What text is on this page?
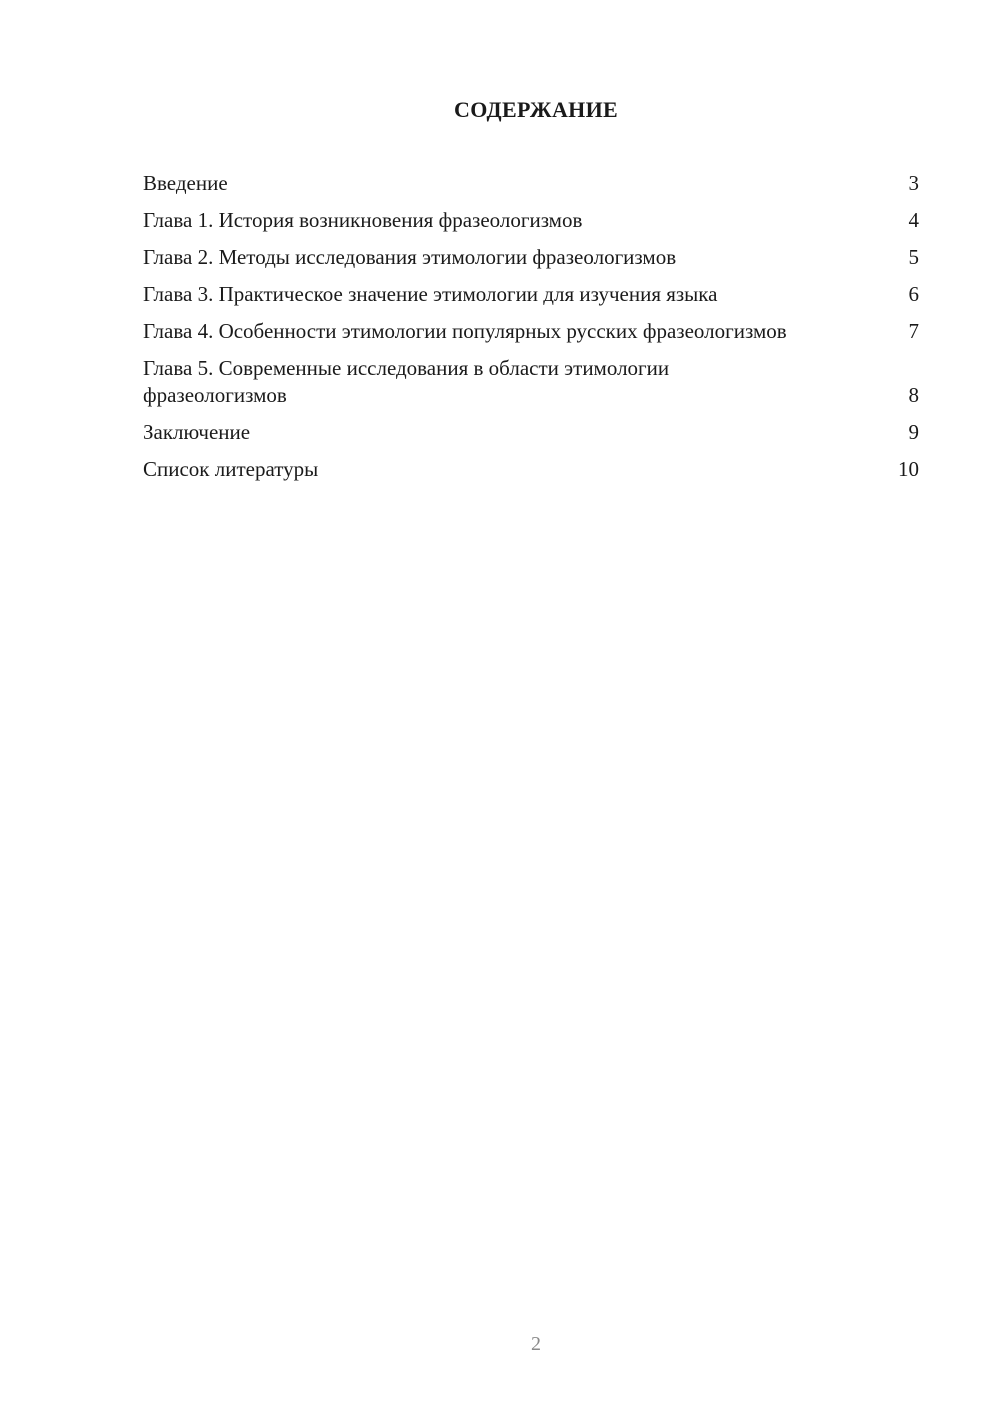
СОДЕРЖАНИЕ
Введение	3
Глава 1. История возникновения фразеологизмов	4
Глава 2. Методы исследования этимологии фразеологизмов	5
Глава 3. Практическое значение этимологии для изучения языка	6
Глава 4. Особенности этимологии популярных русских фразеологизмов	7
Глава 5. Современные исследования в области этимологии фразеологизмов	8
Заключение	9
Список литературы	10
2
